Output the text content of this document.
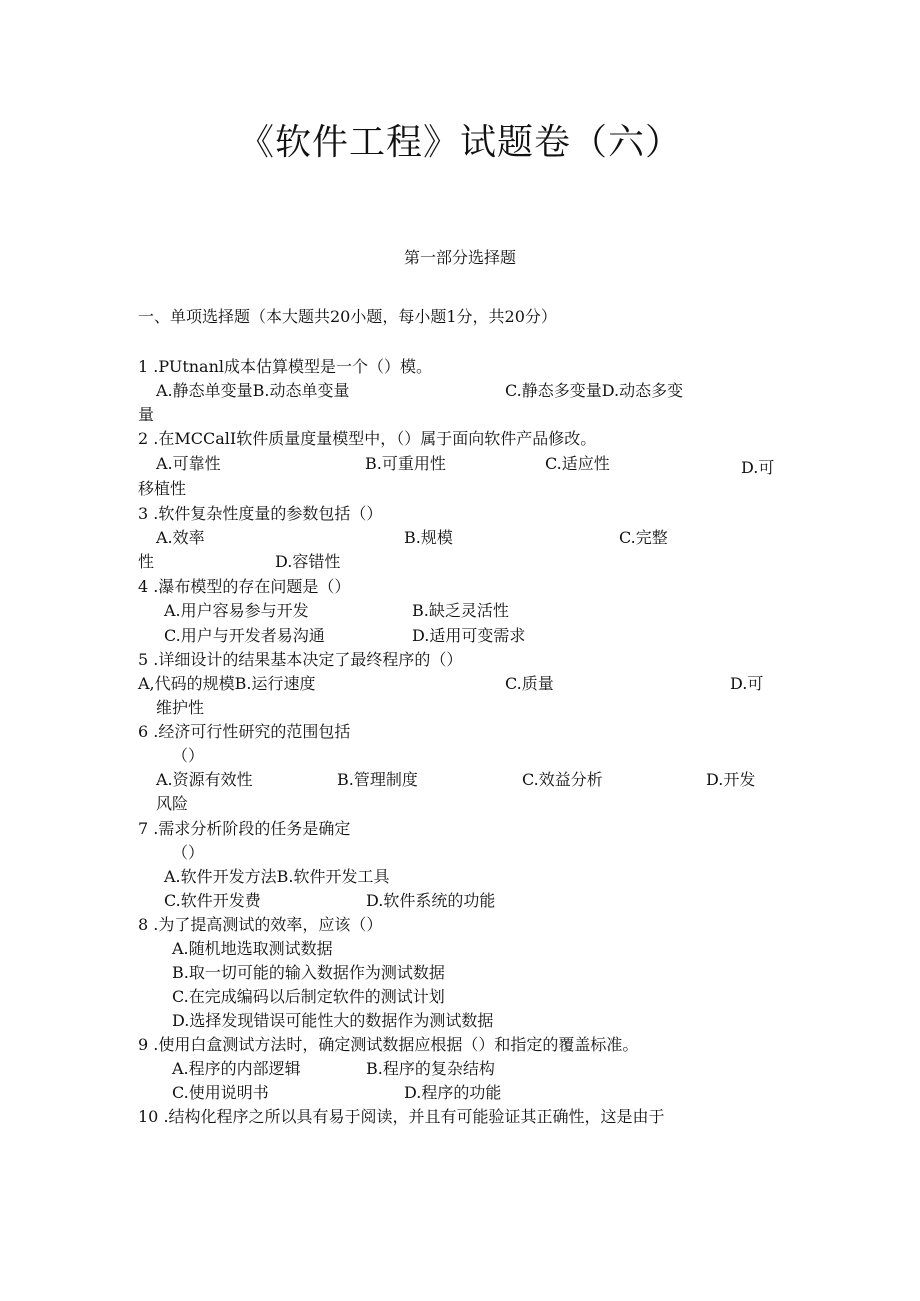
《软件工程》试题卷（六）
第一部分选择题
一、单项选择题（本大题共20小题，每小题1分，共20分）
1 .PUtnanl成本估算模型是一个（）模。
A.静态单变量B.动态单变量	C.静态多变量D.动态多变
量
2 .在MCCalI软件质量度量模型中，（）属于面向软件产品修改。
A.可靠性	B.可重用性	C.适应性	D.可
移植性
3 .软件复杂性度量的参数包括（）
A.效率	B.规模	C.完整
性	D.容错性
4 .瀑布模型的存在问题是（）
A.用户容易参与开发	B.缺乏灵活性
C.用户与开发者易沟通	D.适用可变需求
5 .详细设计的结果基本决定了最终程序的（）
A,代码的规模B.运行速度	C.质量	D.可
维护性
6 .经济可行性研究的范围包括
（）
A.资源有效性	B.管理制度	C.效益分析	D.开发
风险
7 .需求分析阶段的任务是确定
（）
A.软件开发方法B.软件开发工具
C.软件开发费	D.软件系统的功能
8 .为了提高测试的效率，应该（）
A.随机地选取测试数据
B.取一切可能的输入数据作为测试数据
C.在完成编码以后制定软件的测试计划
D.选择发现错误可能性大的数据作为测试数据
9 .使用白盒测试方法时，确定测试数据应根据（）和指定的覆盖标准。
A.程序的内部逻辑	B.程序的复杂结构
C.使用说明书	D.程序的功能
10 .结构化程序之所以具有易于阅读，并且有可能验证其正确性，这是由于
